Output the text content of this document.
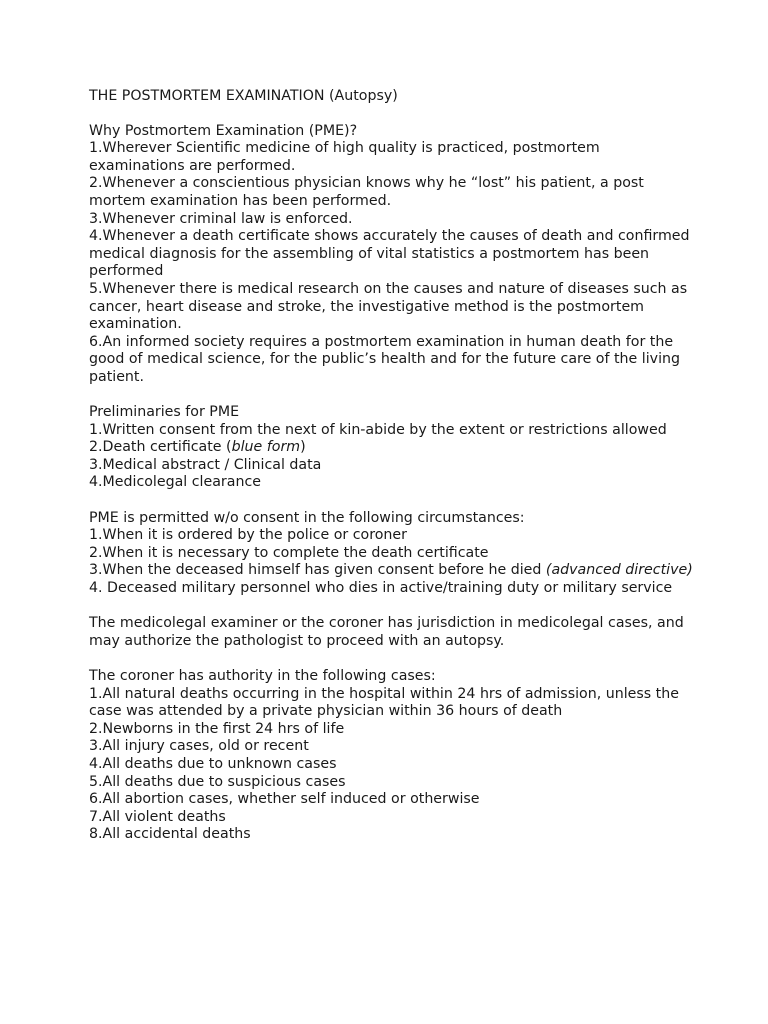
THE POSTMORTEM EXAMINATION (Autopsy)

Why Postmortem Examination (PME)?
1.Wherever Scientific medicine of high quality is practiced, postmortem examinations are performed.
2.Whenever a conscientious physician knows why he “lost” his patient, a post mortem examination has been performed.
3.Whenever criminal law is enforced.
4.Whenever a death certificate shows accurately the causes of death and confirmed medical diagnosis for the assembling of vital statistics a postmortem has been performed
5.Whenever there is medical research on the causes and nature of diseases such as cancer, heart disease and stroke, the investigative method is the postmortem examination.
6.An informed society requires a postmortem examination in human death for the good of medical science, for the public’s health and for the future care of the living patient.
Preliminaries for PME
1.Written consent from the next of kin-abide by the extent or restrictions allowed
2.Death certificate (blue form)
3.Medical abstract / Clinical data
4.Medicolegal clearance
PME is permitted w/o consent in the following circumstances:
1.When it is ordered by the police or coroner
2.When it is necessary to complete the death certificate
3.When the deceased himself has given consent before he died (advanced directive)
4. Deceased military personnel who dies in active/training duty or military service

The medicolegal examiner or the coroner has jurisdiction in medicolegal cases, and may authorize the pathologist to proceed with an autopsy.

The coroner has authority in the following cases:
1.All natural deaths occurring in the hospital within 24 hrs of admission, unless the case was attended by a private physician within 36 hours of death
2.Newborns in the first 24 hrs of life
3.All injury cases, old or recent
4.All deaths due to unknown cases
5.All deaths due to suspicious cases
6.All abortion cases, whether self induced or otherwise
7.All violent deaths
8.All accidental deaths
